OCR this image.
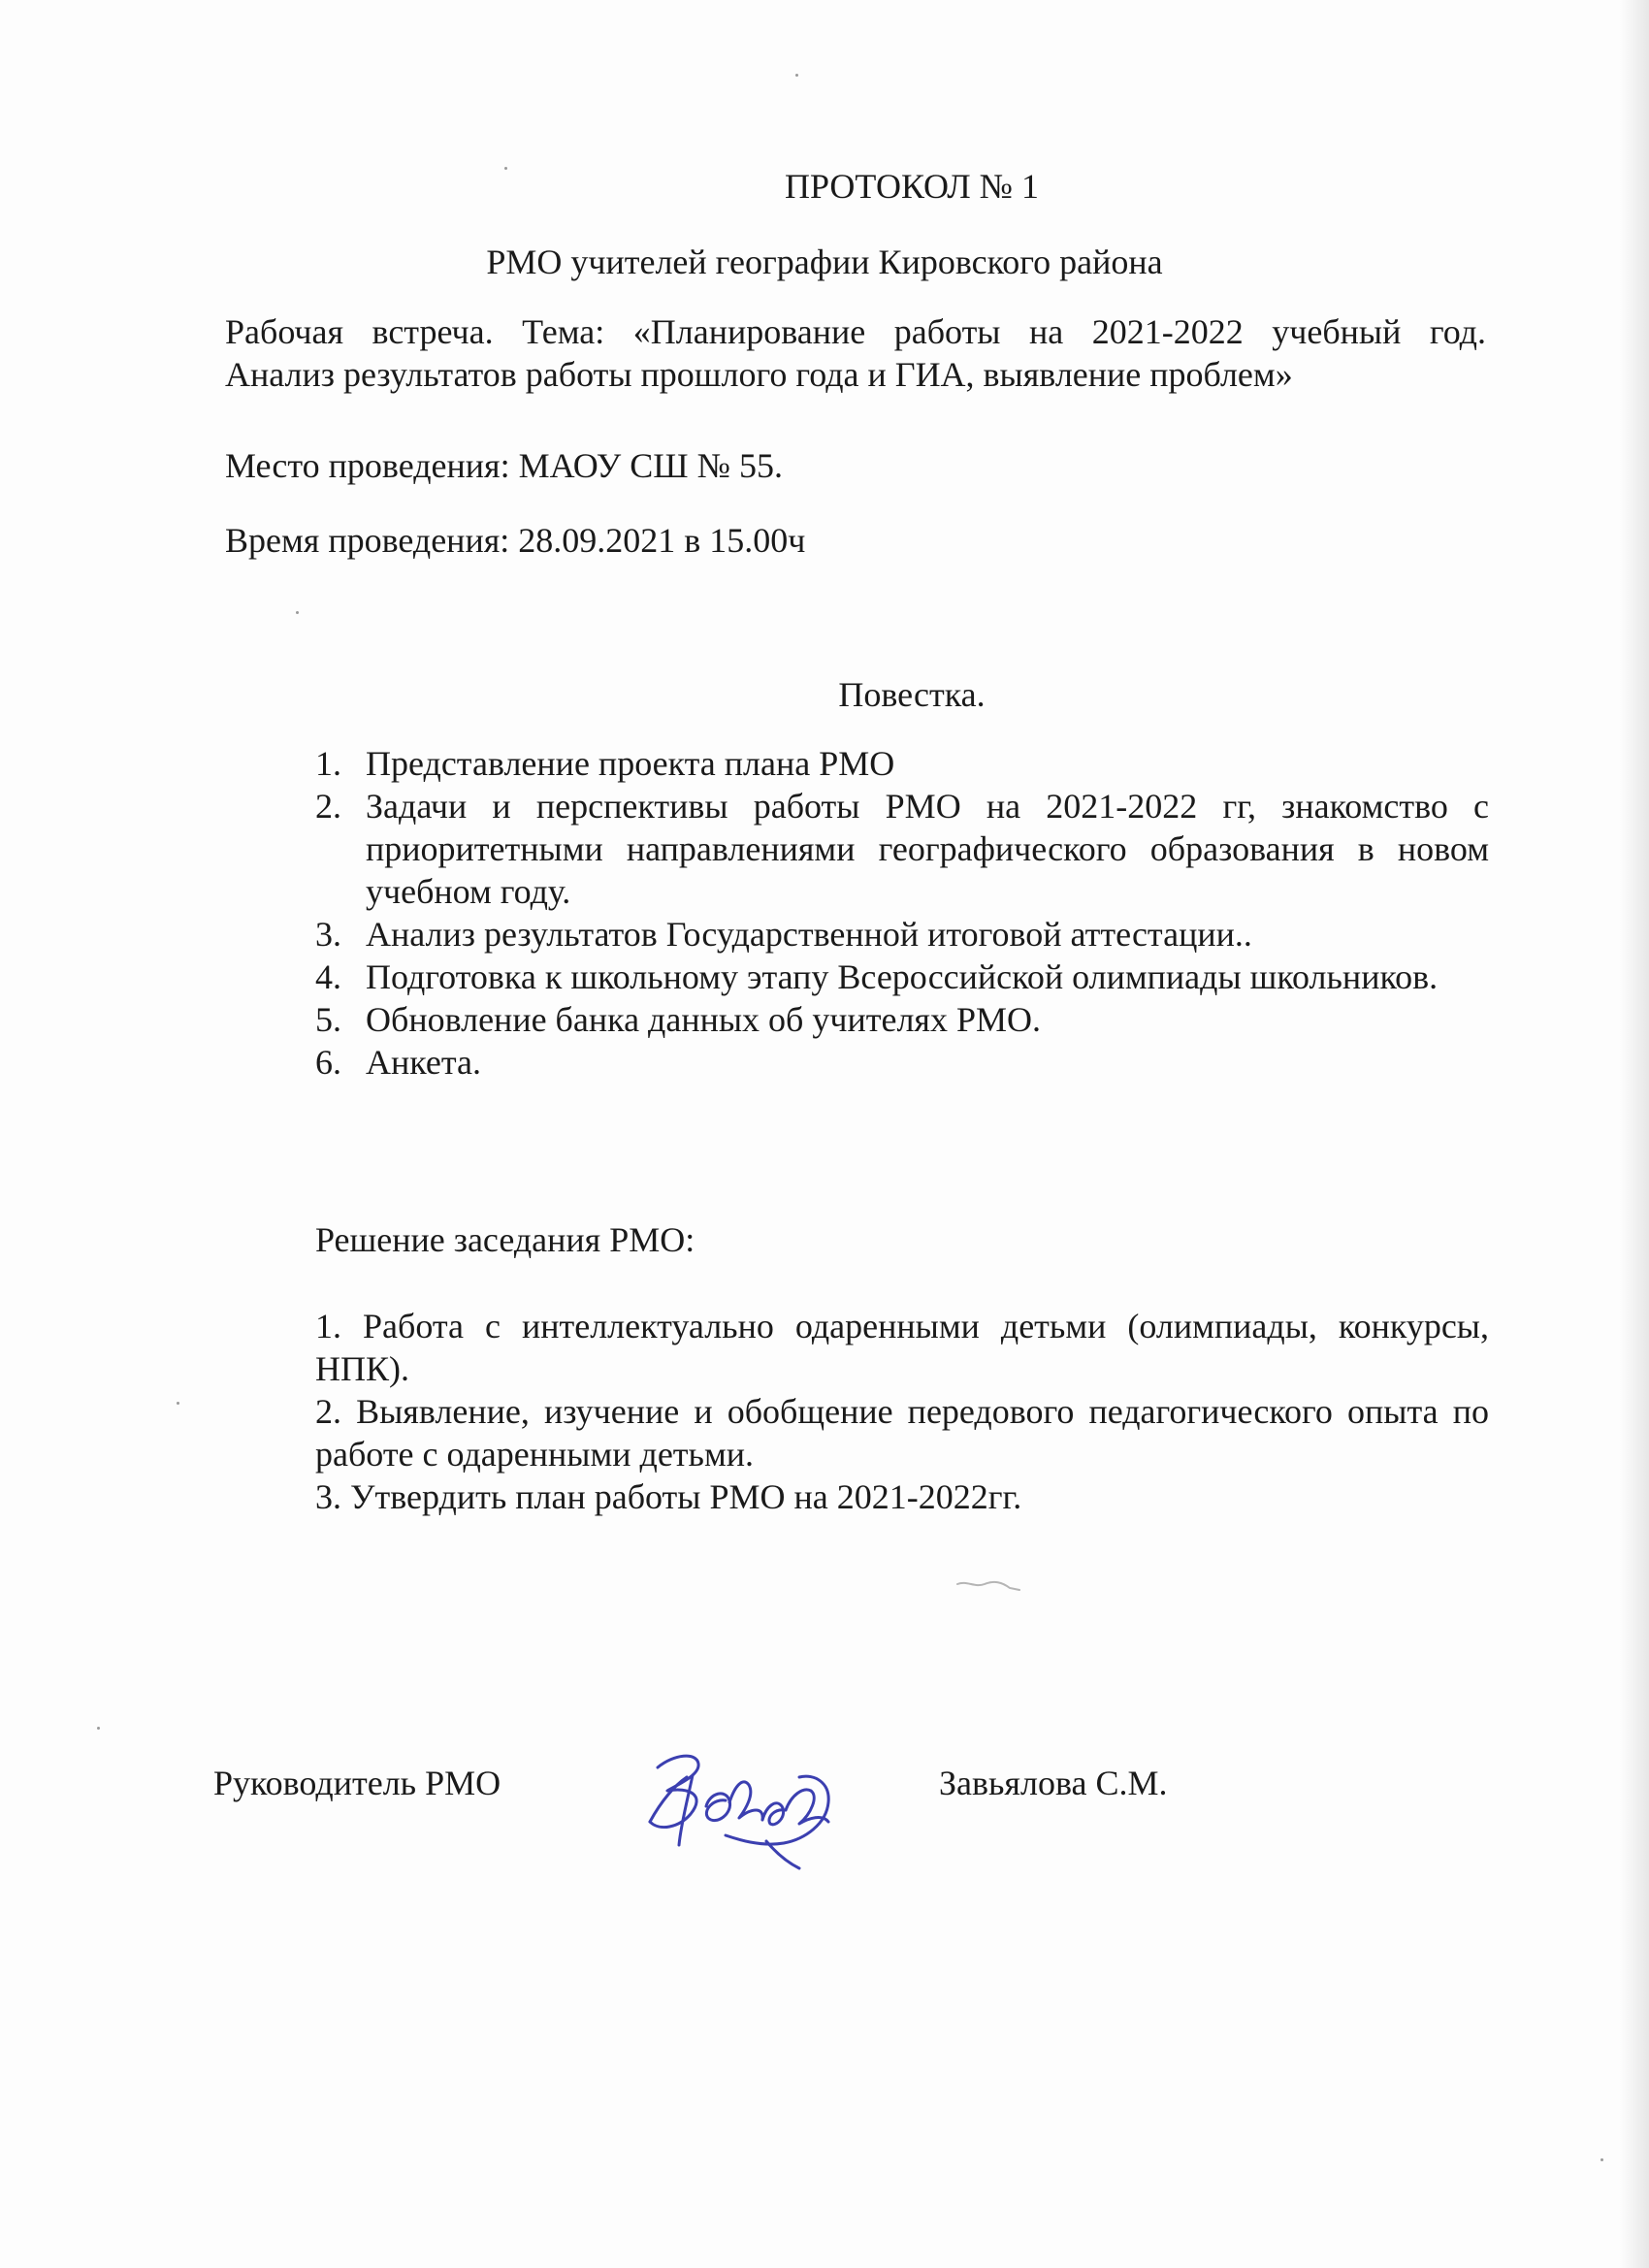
ПРОТОКОЛ № 1
РМО учителей географии Кировского района
Рабочая встреча. Тема: «Планирование работы на 2021-2022 учебный год.
Анализ результатов работы прошлого года и ГИА, выявление проблем»
Место проведения: МАОУ СШ № 55.
Время проведения: 28.09.2021 в 15.00ч
Повестка.
1. Представление проекта плана РМО
2. Задачи и перспективы работы РМО на 2021-2022 гг, знакомство с приоритетными направлениями географического образования в новом учебном году.
3. Анализ результатов Государственной итоговой аттестации..
4. Подготовка к школьному этапу Всероссийской олимпиады школьников.
5. Обновление банка данных об учителях РМО.
6. Анкета.
Решение заседания РМО:

1. Работа с интеллектуально одаренными детьми (олимпиады, конкурсы, НПК).

2. Выявление, изучение и обобщение передового педагогического опыта по работе с одаренными детьми.

3. Утвердить план работы РМО на 2021-2022гг.

Руководитель РМО	Завьялова С.М.
